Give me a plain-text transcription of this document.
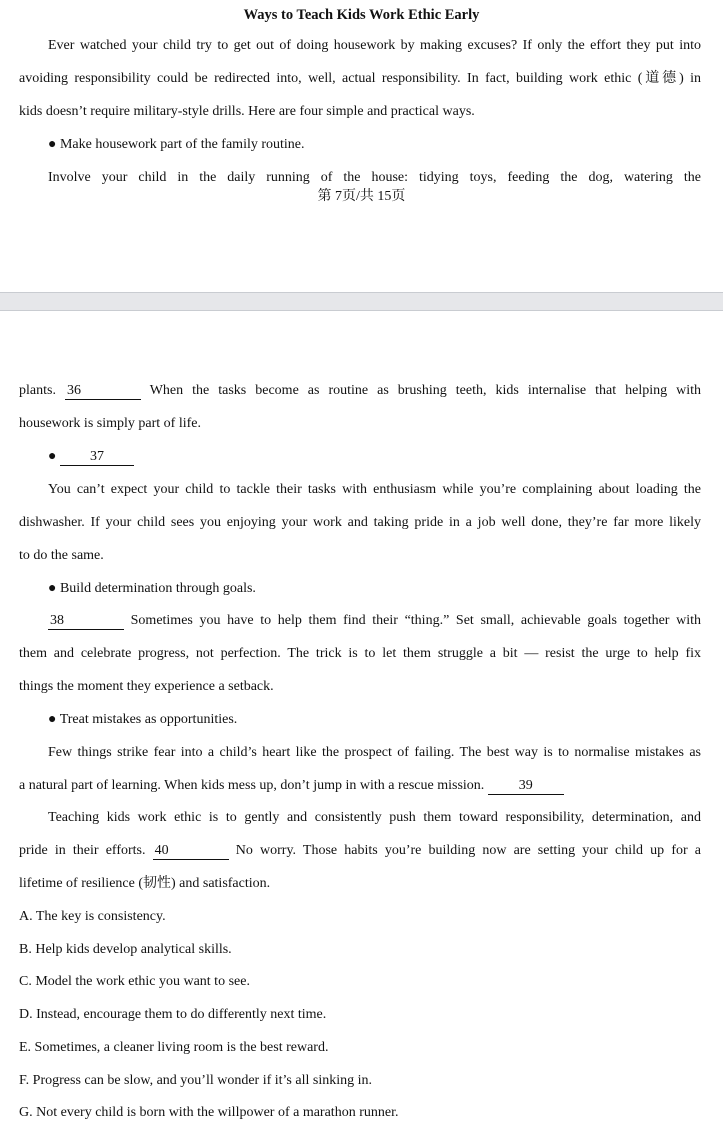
Ways to Teach Kids Work Ethic Early
Ever watched your child try to get out of doing housework by making excuses? If only the effort they put into
avoiding responsibility could be redirected into, well, actual responsibility. In fact, building work ethic (道德) in
kids doesn’t require military-style drills. Here are four simple and practical ways.
● Make housework part of the family routine.
Involve your child in the daily running of the house: tidying toys, feeding the dog, watering the
第 7页/共 15页
plants. 36	When the tasks become as routine as brushing teeth, kids internalise that helping with
housework is simply part of life.
● 37
You can’t expect your child to tackle their tasks with enthusiasm while you’re complaining about loading the
dishwasher. If your child sees you enjoying your work and taking pride in a job well done, they’re far more likely
to do the same.
● Build determination through goals.
38	Sometimes you have to help them find their “thing.” Set small, achievable goals together with
them and celebrate progress, not perfection. The trick is to let them struggle a bit — resist the urge to help fix
things the moment they experience a setback.
● Treat mistakes as opportunities.
Few things strike fear into a child’s heart like the prospect of failing. The best way is to normalise mistakes as
a natural part of learning. When kids mess up, don’t jump in with a rescue mission. 39
Teaching kids work ethic is to gently and consistently push them toward responsibility, determination, and
pride in their efforts. 40	No worry. Those habits you’re building now are setting your child up for a
lifetime of resilience (韧性) and satisfaction.
A. The key is consistency.
B. Help kids develop analytical skills.
C. Model the work ethic you want to see.
D. Instead, encourage them to do differently next time.
E. Sometimes, a cleaner living room is the best reward.
F. Progress can be slow, and you’ll wonder if it’s all sinking in.
G. Not every child is born with the willpower of a marathon runner.
